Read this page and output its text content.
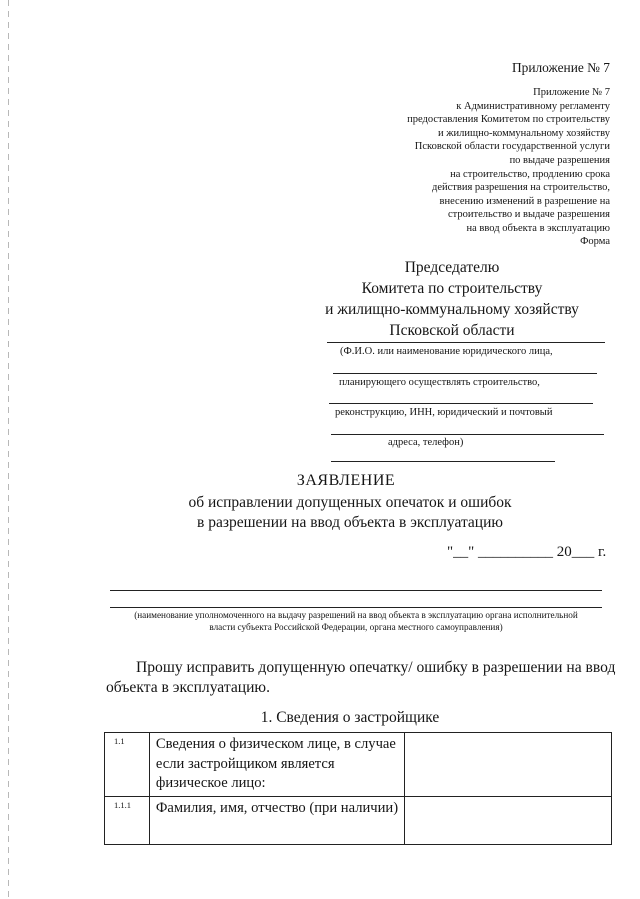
Приложение № 7
Приложение № 7
к Административному регламенту
предоставления Комитетом по строительству
и жилищно-коммунальному хозяйству
Псковской области государственной услуги
по выдаче разрешения
на строительство, продлению срока
действия разрешения на строительство,
внесению изменений в разрешение на
строительство и выдаче разрешения
на ввод объекта в эксплуатацию
Форма
Председателю
Комитета по строительству
и жилищно-коммунальному хозяйству
Псковской области
(Ф.И.О. или наименование юридического лица,
планирующего осуществлять строительство,
реконструкцию, ИНН, юридический и почтовый
адреса, телефон)
ЗАЯВЛЕНИЕ
об исправлении допущенных опечаток и ошибок
в разрешении на ввод объекта в эксплуатацию
"__" __________ 20___ г.
(наименование уполномоченного на выдачу разрешений на ввод объекта в эксплуатацию органа исполнительной
власти субъекта Российской Федерации, органа местного самоуправления)
Прошу исправить допущенную опечатку/ ошибку в разрешении на ввод
объекта в эксплуатацию.
1. Сведения о застройщике
1.1	Сведения о физическом лице, в случае если застройщиком является физическое лицо:	
1.1.1	Фамилия, имя, отчество (при наличии)	
